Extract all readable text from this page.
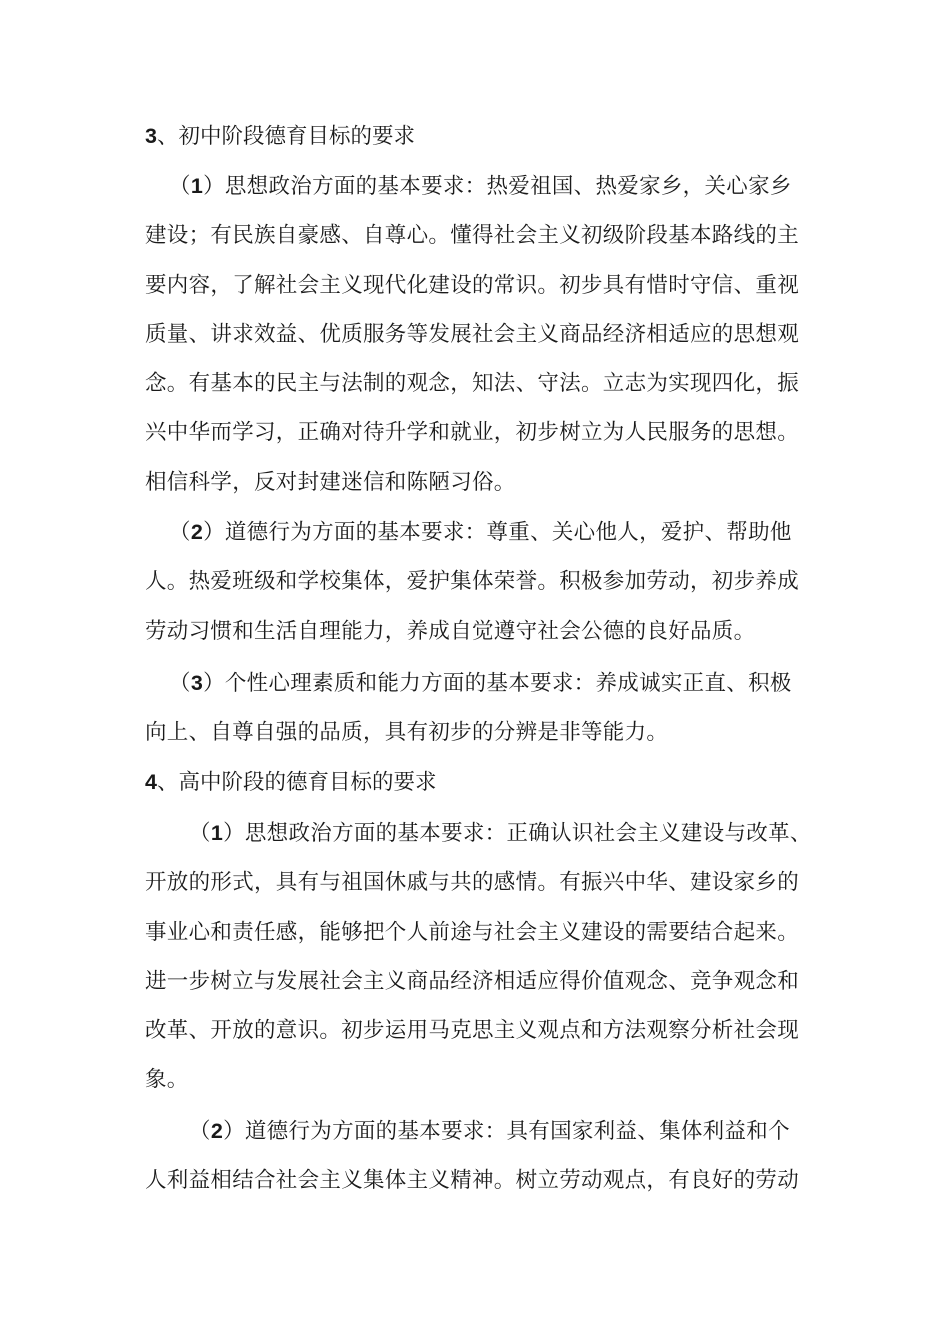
3、初中阶段德育目标的要求
（1）思想政治方面的基本要求：热爱祖国、热爱家乡，关心家乡
建设；有民族自豪感、自尊心。懂得社会主义初级阶段基本路线的主
要内容，了解社会主义现代化建设的常识。初步具有惜时守信、重视
质量、讲求效益、优质服务等发展社会主义商品经济相适应的思想观
念。有基本的民主与法制的观念，知法、守法。立志为实现四化，振
兴中华而学习，正确对待升学和就业，初步树立为人民服务的思想。
相信科学，反对封建迷信和陈陋习俗。
（2）道德行为方面的基本要求：尊重、关心他人，爱护、帮助他
人。热爱班级和学校集体，爱护集体荣誉。积极参加劳动，初步养成
劳动习惯和生活自理能力，养成自觉遵守社会公德的良好品质。
（3）个性心理素质和能力方面的基本要求：养成诚实正直、积极
向上、自尊自强的品质，具有初步的分辨是非等能力。
4、高中阶段的德育目标的要求
（1）思想政治方面的基本要求：正确认识社会主义建设与改革、
开放的形式，具有与祖国休戚与共的感情。有振兴中华、建设家乡的
事业心和责任感，能够把个人前途与社会主义建设的需要结合起来。
进一步树立与发展社会主义商品经济相适应得价值观念、竞争观念和
改革、开放的意识。初步运用马克思主义观点和方法观察分析社会现
象。
（2）道德行为方面的基本要求：具有国家利益、集体利益和个
人利益相结合社会主义集体主义精神。树立劳动观点，有良好的劳动
